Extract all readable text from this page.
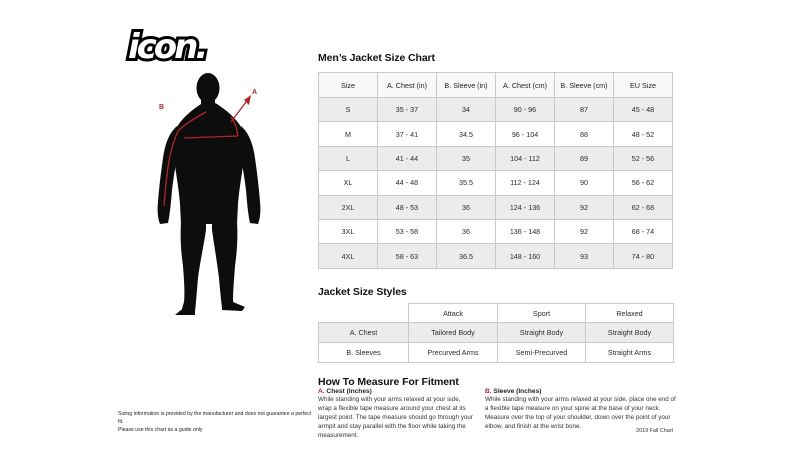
icon.
B
A
Men’s Jacket Size Chart
Jacket Size Styles
How To Measure For Fitment
Size	A. Chest (in)	B. Sleeve (in)	A. Chest (cm)	B. Sleeve (cm)	EU Size
S	35 - 37	34	90 - 96	87	45 - 48
M	37 - 41	34.5	96 - 104	88	48 - 52
L	41 - 44	35	104 - 112	89	52 - 56
XL	44 - 48	35.5	112 - 124	90	56 - 62
2XL	48 - 53	36	124 - 136	92	62 - 68
3XL	53 - 58	36	136 - 148	92	68 - 74
4XL	58 - 63	36.5	148 - 160	93	74 - 80
	Attack	Sport	Relaxed
A. Chest	Tailored Body	Straight Body	Straight Body
B. Sleeves	Precurved Arms	Semi-Precurved	Straight Arms

A. Chest (Inches)

While standing with your arms relaxed at your side, wrap a flexible tape measure around your chest at its largest point. The tape measure should go through your armpit and stay parallel with the floor while taking the measurement.

B. Sleeve (Inches)

While standing with your arms relaxed at your side, place one end of a flexible tape measure on your spine at the base of your neck. Measure over the top of your shoulder, down over the point of your elbow, and finish at the wrist bone.

Sizing information is provided by the manufacturer and does not guarantee a perfect fit.
Please use this chart as a guide only	2019 Fall Chart
